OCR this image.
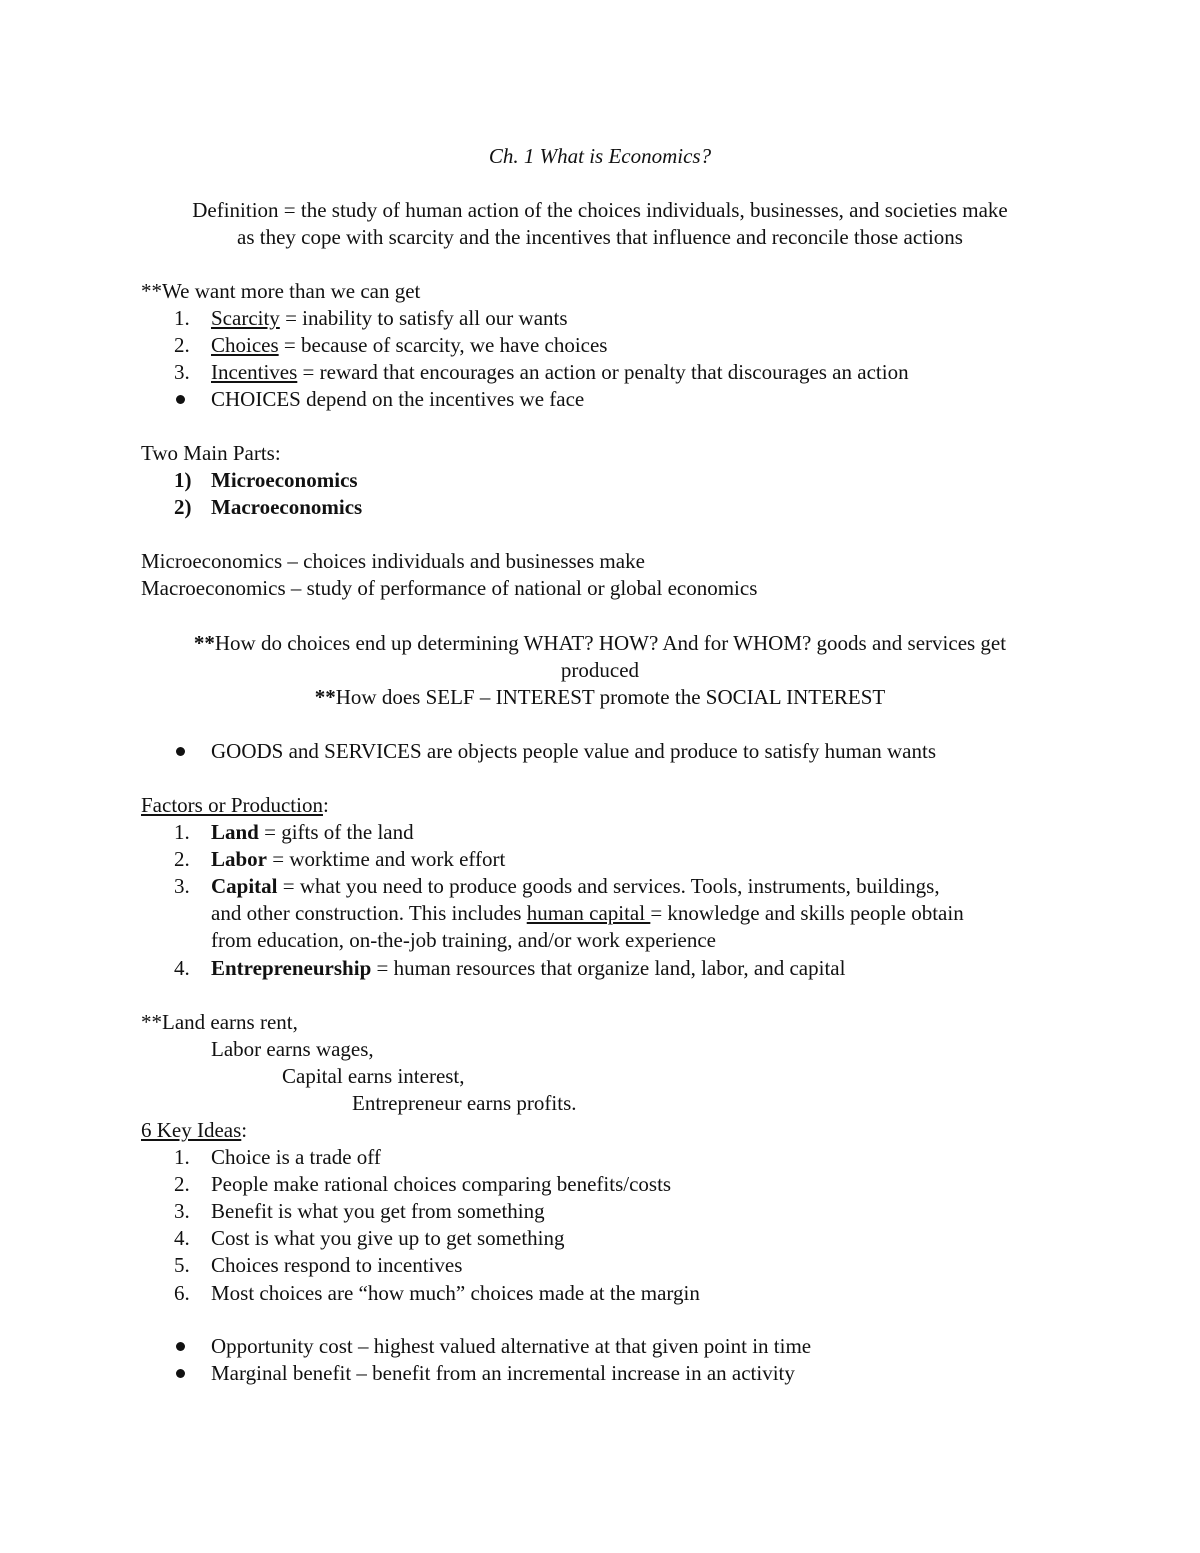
Ch. 1 What is Economics?
Definition = the study of human action of the choices individuals, businesses, and societies make
as they cope with scarcity and the incentives that influence and reconcile those actions
**We want more than we can get
1.	Scarcity = inability to satisfy all our wants
2.	Choices = because of scarcity, we have choices
3.	Incentives = reward that encourages an action or penalty that discourages an action
CHOICES depend on the incentives we face
Two Main Parts:
1) Microeconomics
2) Macroeconomics
Microeconomics – choices individuals and businesses make
Macroeconomics – study of performance of national or global economics
**How do choices end up determining WHAT? HOW? And for WHOM? goods and services get
produced
**How does SELF – INTEREST promote the SOCIAL INTEREST
GOODS and SERVICES are objects people value and produce to satisfy human wants
Factors or Production:
1.	Land = gifts of the land
2.	Labor = worktime and work effort
3.	Capital = what you need to produce goods and services. Tools, instruments, buildings,
and other construction. This includes human capital = knowledge and skills people obtain
from education, on-the-job training, and/or work experience
4.	Entrepreneurship = human resources that organize land, labor, and capital
**Land earns rent,
Labor earns wages,
Capital earns interest,
Entrepreneur earns profits.
6 Key Ideas:
1.	Choice is a trade off
2.	People make rational choices comparing benefits/costs
3.	Benefit is what you get from something
4.	Cost is what you give up to get something
5.	Choices respond to incentives
6.	Most choices are “how much” choices made at the margin
Opportunity cost – highest valued alternative at that given point in time
Marginal benefit – benefit from an incremental increase in an activity
